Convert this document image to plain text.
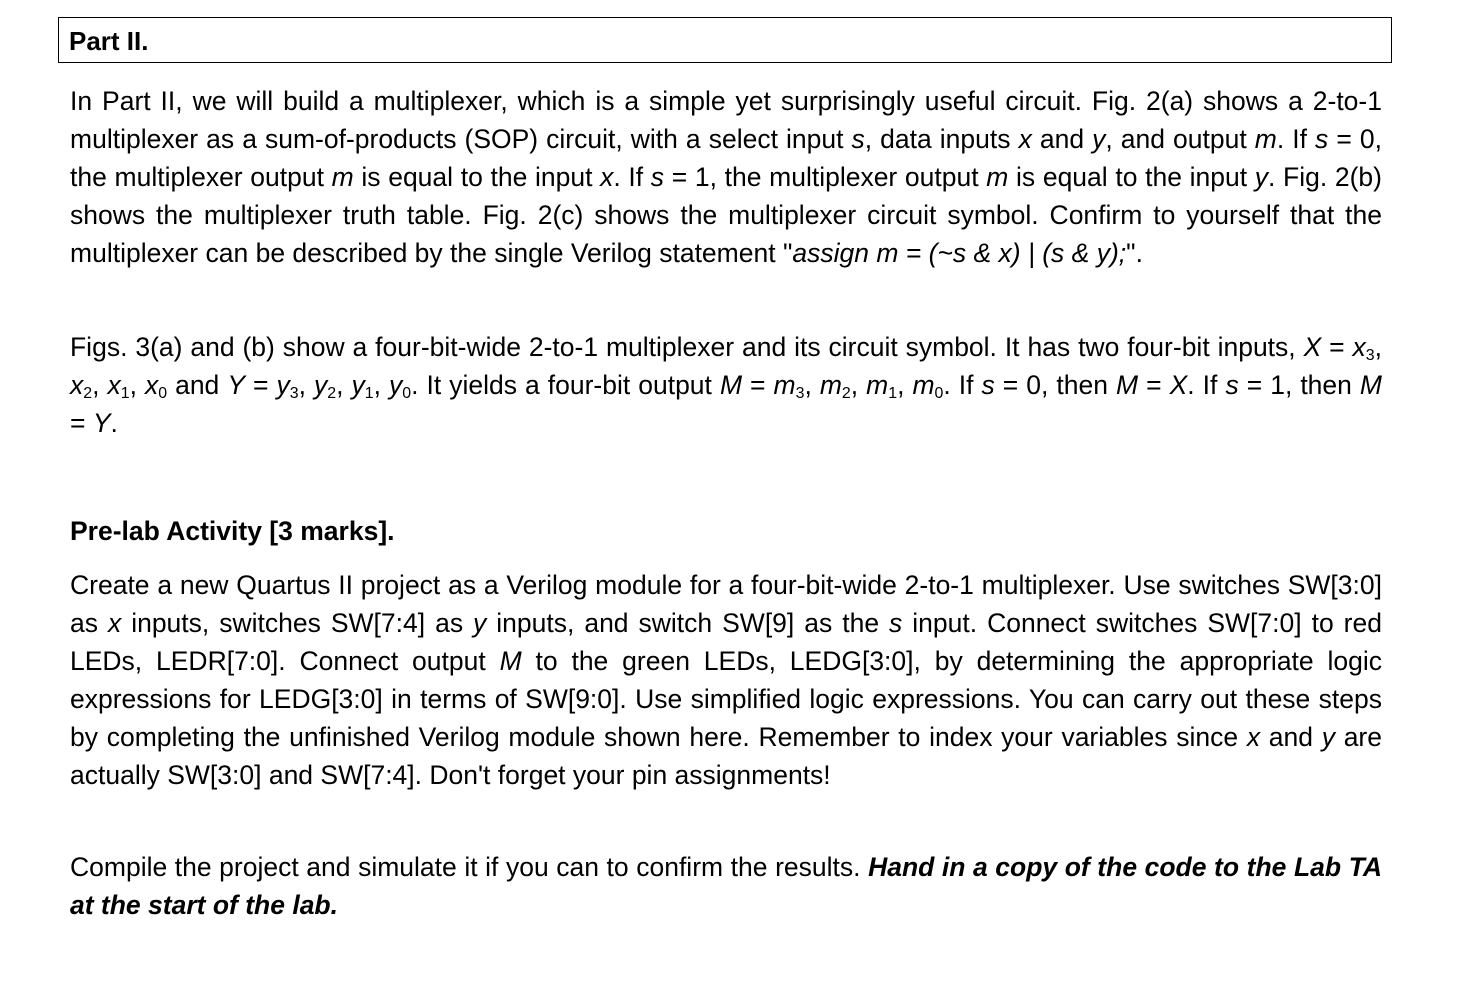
Part II.

In Part II, we will build a multiplexer, which is a simple yet surprisingly useful circuit. Fig. 2(a) shows a 2-to-1 multiplexer as a sum-of-products (SOP) circuit, with a select input s, data inputs x and y, and output m. If s = 0, the multiplexer output m is equal to the input x. If s = 1, the multiplexer output m is equal to the input y. Fig. 2(b) shows the multiplexer truth table. Fig. 2(c) shows the multiplexer circuit symbol. Confirm to yourself that the multiplexer can be described by the single Verilog statement "assign m = (~s & x) | (s & y);".

Figs. 3(a) and (b) show a four-bit-wide 2-to-1 multiplexer and its circuit symbol. It has two four-bit inputs, $X = x_3$, $x_2$, $x_1$, $x_0$ and $Y = y_3$, $y_2$, $y_1$, $y_0$. It yields a four-bit output $M = m_3$, $m_2$, $m_1$, $m_0$. If s = 0, then M = X. If s = 1, then M = Y.

Pre-lab Activity [3 marks].

Create a new Quartus II project as a Verilog module for a four-bit-wide 2-to-1 multiplexer. Use switches SW[3:0] as x inputs, switches SW[7:4] as y inputs, and switch SW[9] as the s input. Connect switches SW[7:0] to red LEDs, LEDR[7:0]. Connect output M to the green LEDs, LEDG[3:0], by determining the appropriate logic expressions for LEDG[3:0] in terms of SW[9:0]. Use simplified logic expressions. You can carry out these steps by completing the unfinished Verilog module shown here. Remember to index your variables since x and y are actually SW[3:0] and SW[7:4]. Don't forget your pin assignments!

Compile the project and simulate it if you can to confirm the results. Hand in a copy of the code to the Lab TA at the start of the lab.
